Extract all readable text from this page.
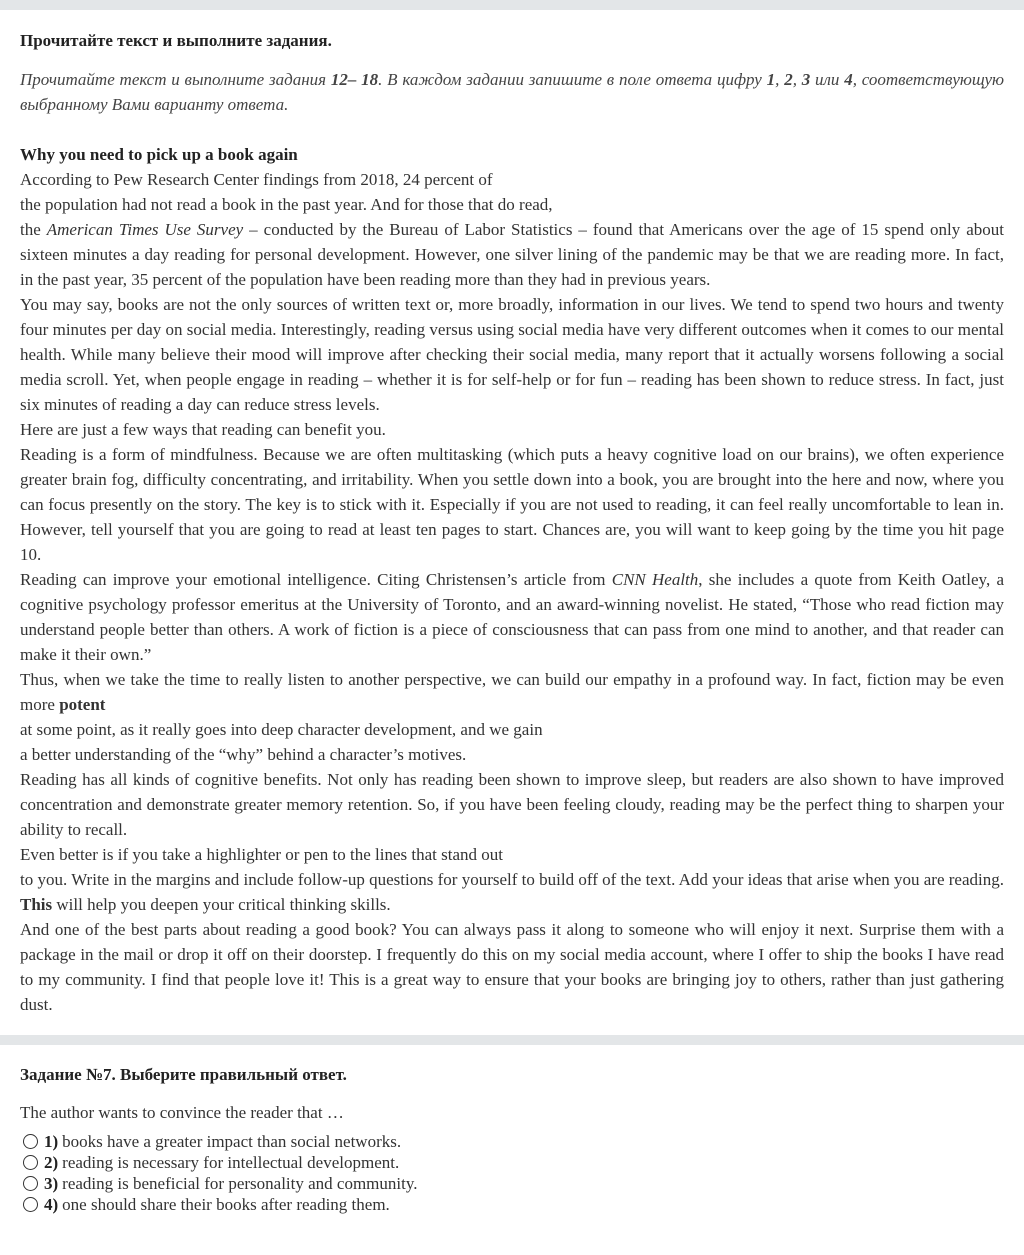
Прочитайте текст и выполните задания.

Прочитайте текст и выполните задания 12– 18. В каждом задании запишите в поле ответа цифру 1, 2, 3 или 4, соответствующую выбранному Вами варианту ответа.

Why you need to pick up a book again

According to Pew Research Center findings from 2018, 24 percent of

the population had not read a book in the past year. And for those that do read,

the American Times Use Survey – conducted by the Bureau of Labor Statistics – found that Americans over the age of 15 spend only about sixteen minutes a day reading for personal development. However, one silver lining of the pandemic may be that we are reading more. In fact, in the past year, 35 percent of the population have been reading more than they had in previous years.

You may say, books are not the only sources of written text or, more broadly, information in our lives. We tend to spend two hours and twenty four minutes per day on social media. Interestingly, reading versus using social media have very different outcomes when it comes to our mental health. While many believe their mood will improve after checking their social media, many report that it actually worsens following a social media scroll. Yet, when people engage in reading – whether it is for self-help or for fun – reading has been shown to reduce stress. In fact, just six minutes of reading a day can reduce stress levels.

Here are just a few ways that reading can benefit you.

Reading is a form of mindfulness. Because we are often multitasking (which puts a heavy cognitive load on our brains), we often experience greater brain fog, difficulty concentrating, and irritability. When you settle down into a book, you are brought into the here and now, where you can focus presently on the story. The key is to stick with it. Especially if you are not used to reading, it can feel really uncomfortable to lean in. However, tell yourself that you are going to read at least ten pages to start. Chances are, you will want to keep going by the time you hit page 10.

Reading can improve your emotional intelligence. Citing Christensen’s article from CNN Health, she includes a quote from Keith Oatley, a cognitive psychology professor emeritus at the University of Toronto, and an award-winning novelist. He stated, “Those who read fiction may understand people better than others. A work of fiction is a piece of consciousness that can pass from one mind to another, and that reader can make it their own.”

Thus, when we take the time to really listen to another perspective, we can build our empathy in a profound way. In fact, fiction may be even more potent

at some point, as it really goes into deep character development, and we gain

a better understanding of the “why” behind a character’s motives.

Reading has all kinds of cognitive benefits. Not only has reading been shown to improve sleep, but readers are also shown to have improved concentration and demonstrate greater memory retention. So, if you have been feeling cloudy, reading may be the perfect thing to sharpen your ability to recall.

Even better is if you take a highlighter or pen to the lines that stand out

to you. Write in the margins and include follow-up questions for yourself to build off of the text. Add your ideas that arise when you are reading. This will help you deepen your critical thinking skills.

And one of the best parts about reading a good book? You can always pass it along to someone who will enjoy it next. Surprise them with a package in the mail or drop it off on their doorstep. I frequently do this on my social media account, where I offer to ship the books I have read to my community. I find that people love it! This is a great way to ensure that your books are bringing joy to others, rather than just gathering dust.

Задание №7. Выберите правильный ответ.
The author wants to convince the reader that …
1) books have a greater impact than social networks.
2) reading is necessary for intellectual development.
3) reading is beneficial for personality and community.
4) one should share their books after reading them.
